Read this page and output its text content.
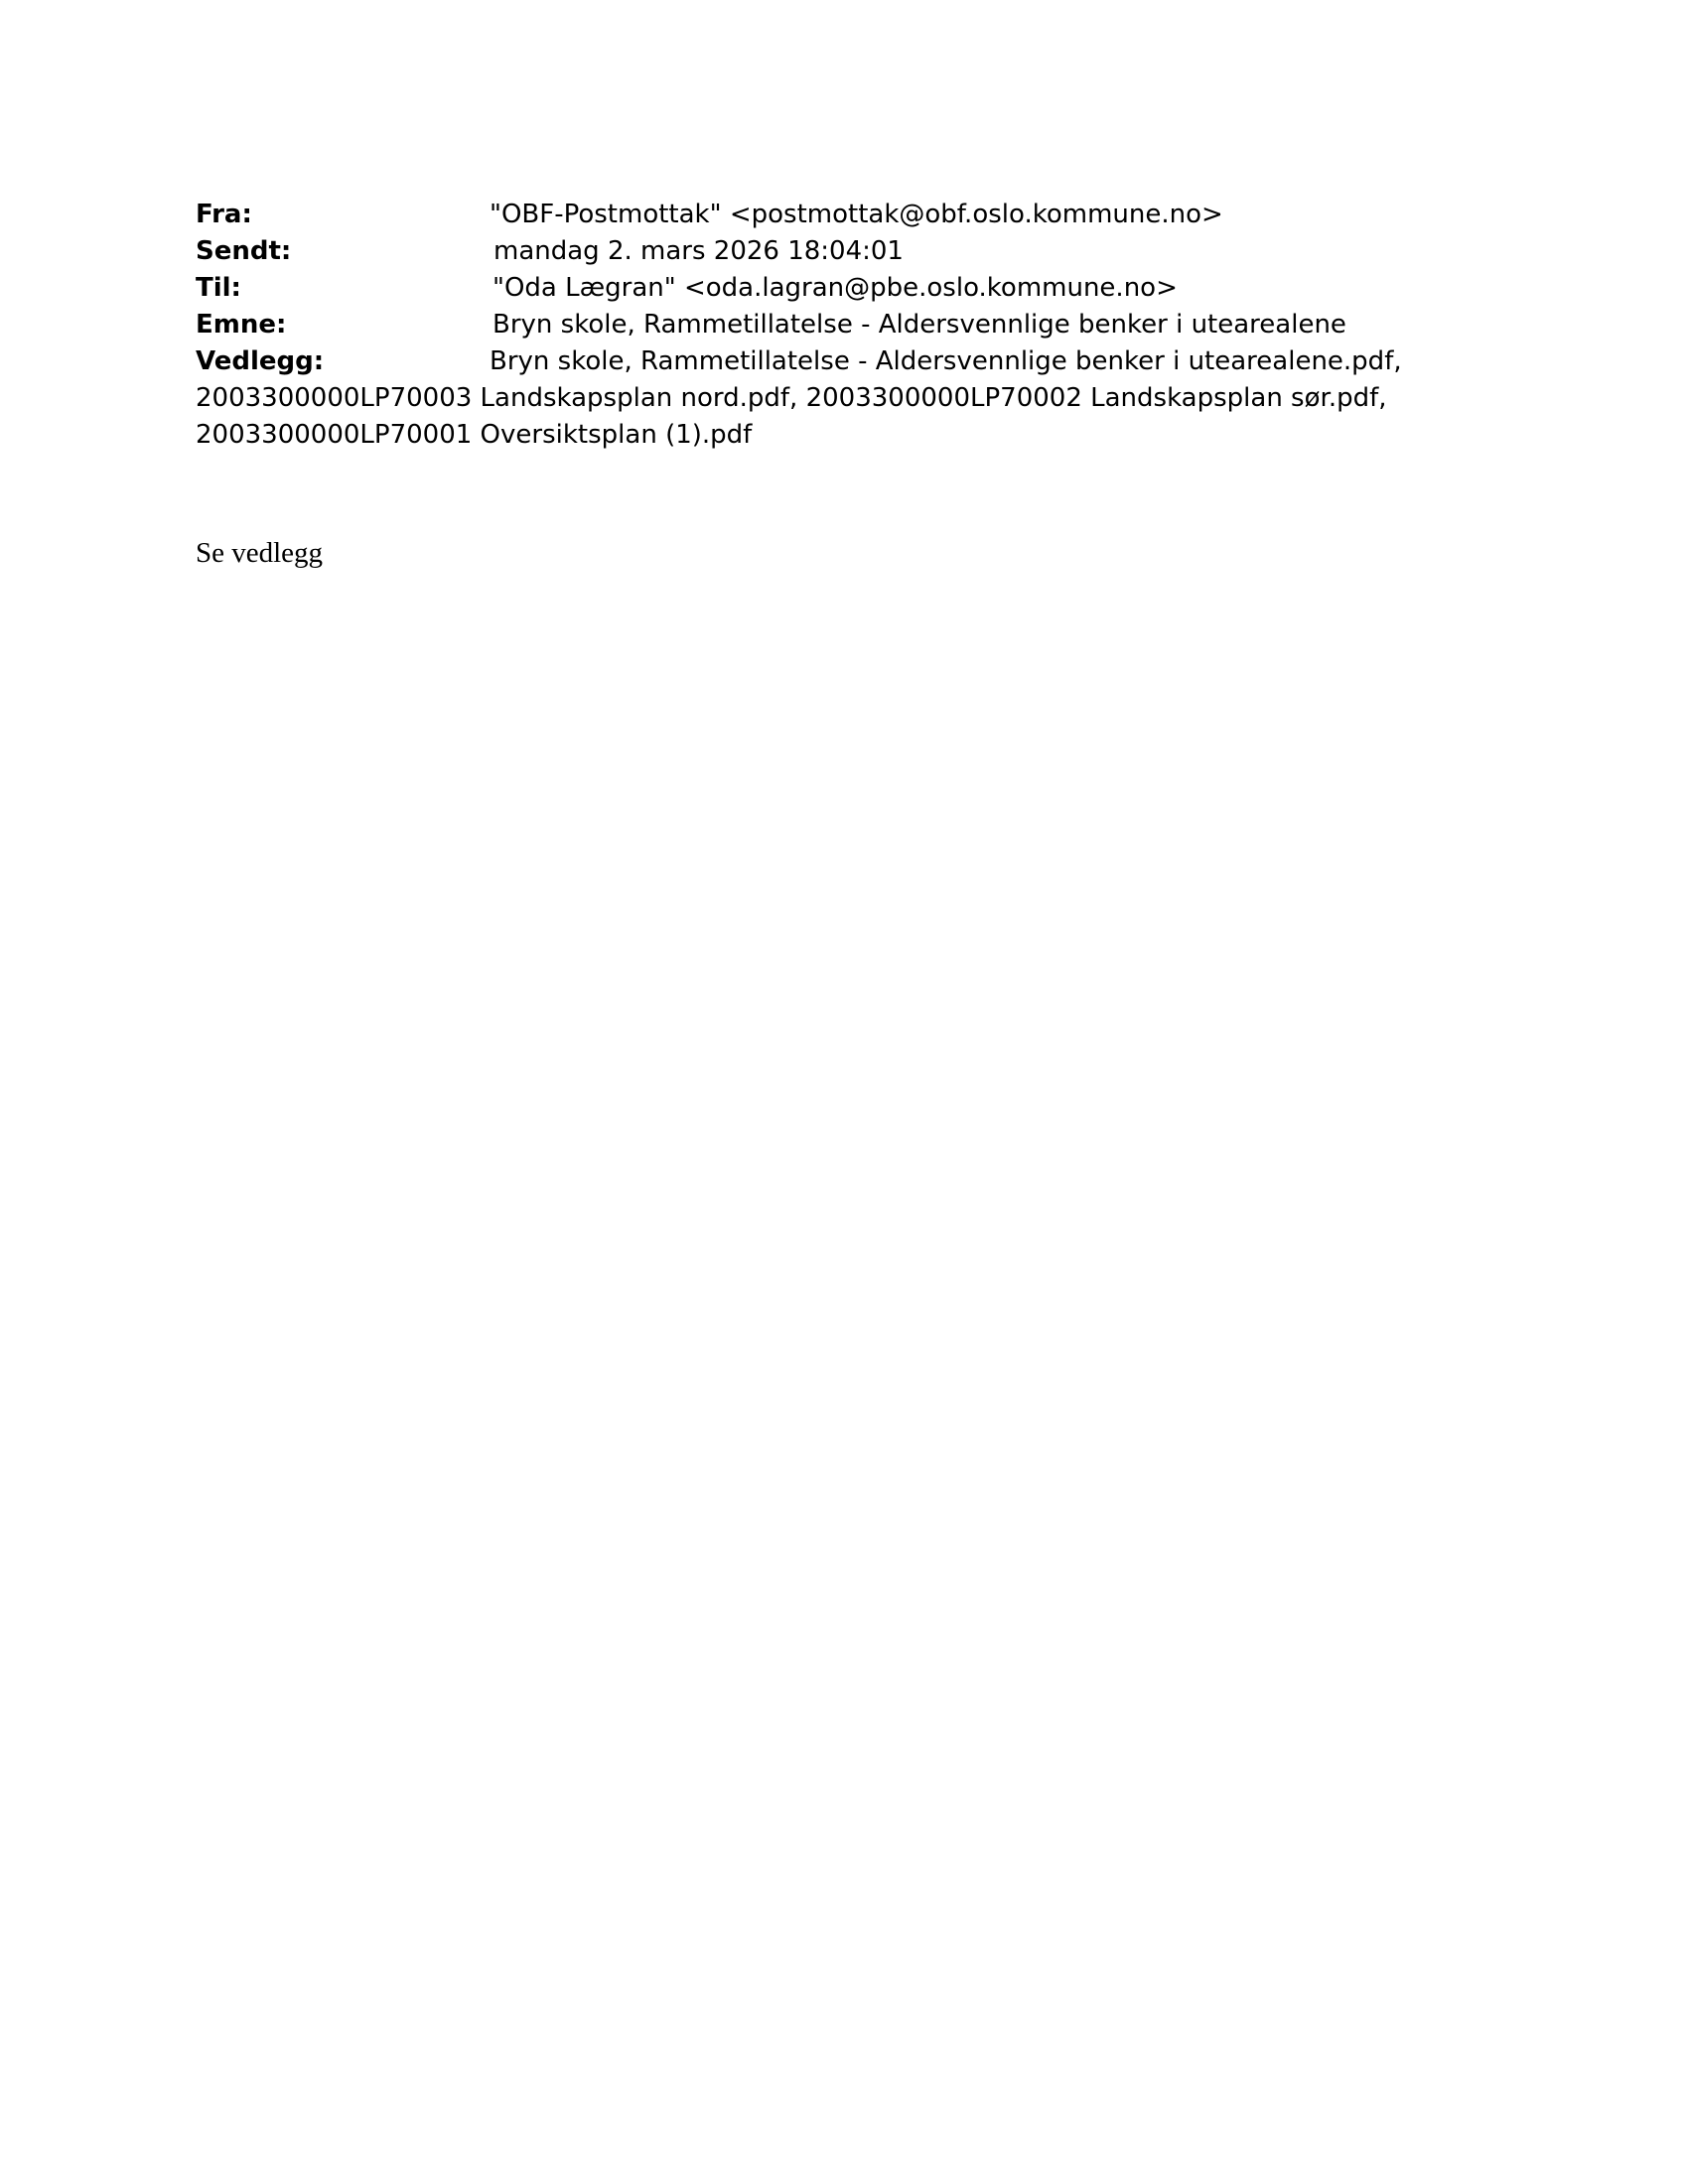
Fra:	"OBF-Postmottak" <postmottak@obf.oslo.kommune.no>
Sendt:	mandag 2. mars 2026 18:04:01
Til:	"Oda Lægran" <oda.lagran@pbe.oslo.kommune.no>
Emne:	Bryn skole, Rammetillatelse - Aldersvennlige benker i utearealene
Vedlegg:	Bryn skole, Rammetillatelse - Aldersvennlige benker i utearealene.pdf,
2003300000LP70003 Landskapsplan nord.pdf, 2003300000LP70002 Landskapsplan sør.pdf,
2003300000LP70001 Oversiktsplan (1).pdf
Se vedlegg
